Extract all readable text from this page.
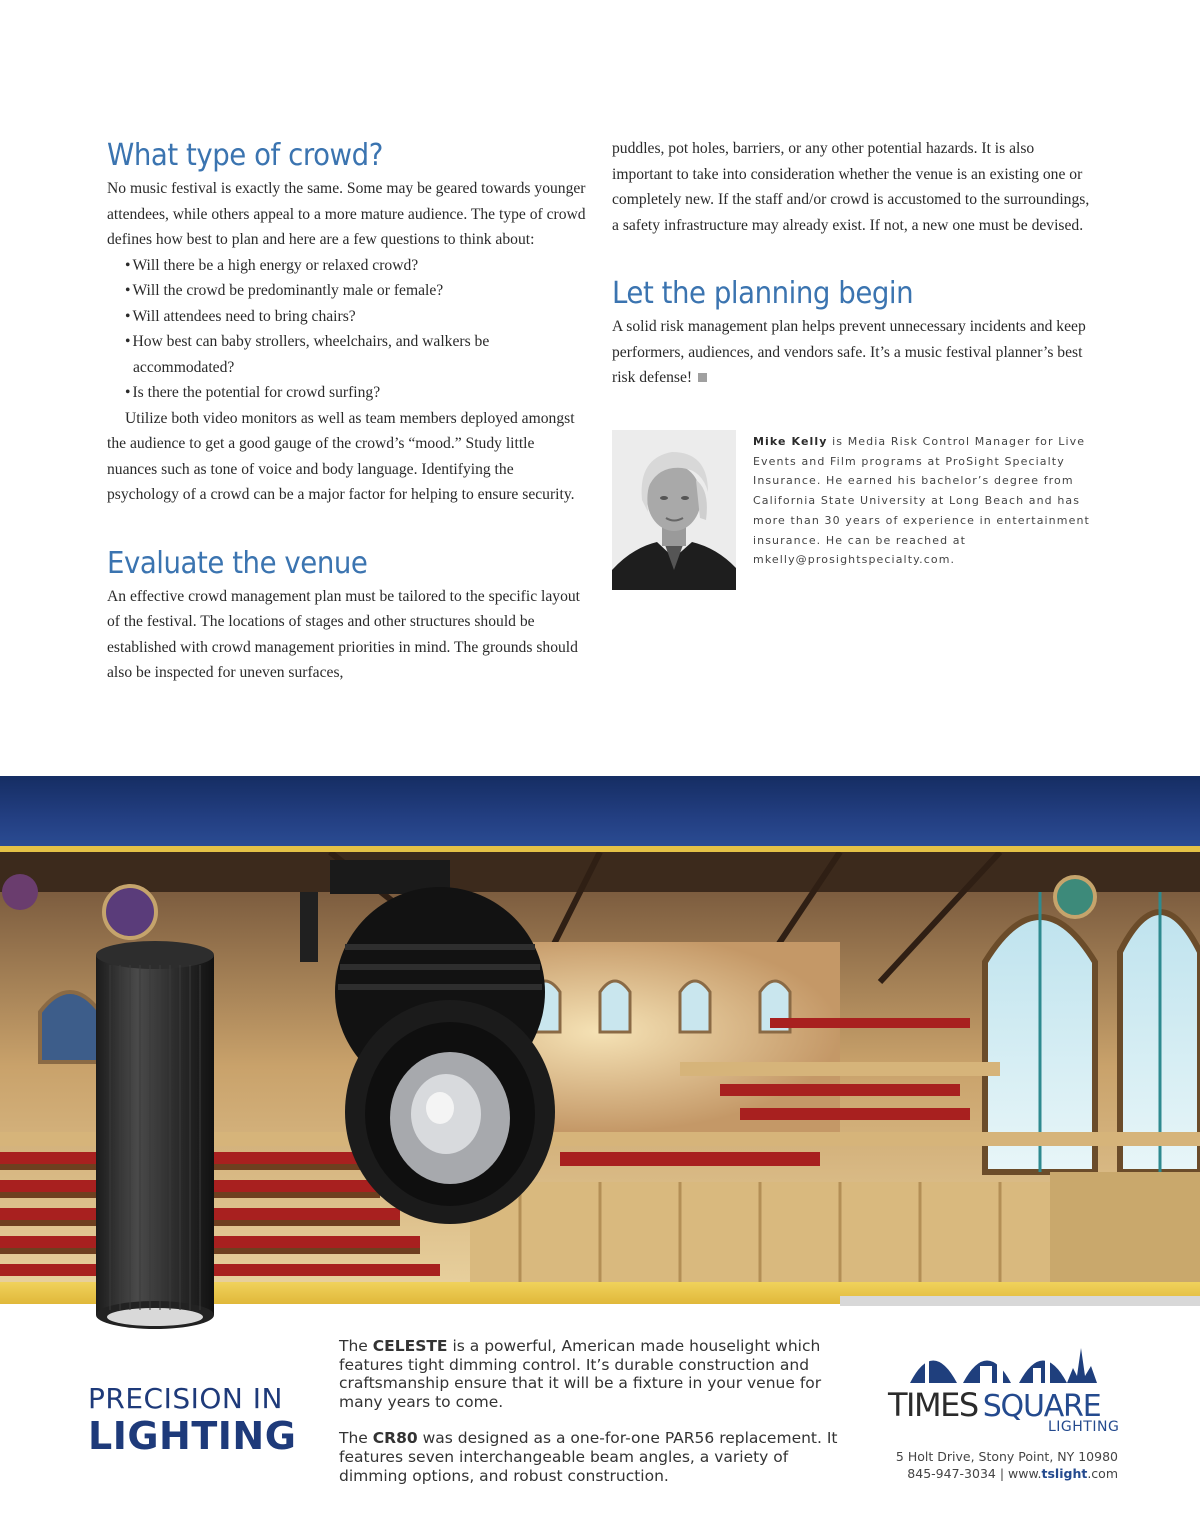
What type of crowd?

No music festival is exactly the same. Some may be geared towards younger attendees, while others appeal to a more mature audience. The type of crowd defines how best to plan and here are a few questions to think about:

• Will there be a high energy or relaxed crowd?
• Will the crowd be predominantly male or female?
• Will attendees need to bring chairs?
• How best can baby strollers, wheelchairs, and walkers be accommodated?
• Is there the potential for crowd surfing?

Utilize both video monitors as well as team members deployed amongst the audience to get a good gauge of the crowd’s “mood.” Study little nuances such as tone of voice and body language. Identifying the psychology of a crowd can be a major factor for helping to ensure security.

Evaluate the venue

An effective crowd management plan must be tailored to the specific layout of the festival. The locations of stages and other structures should be established with crowd management priorities in mind. The grounds should also be inspected for uneven surfaces,

puddles, pot holes, barriers, or any other potential hazards. It is also important to take into consideration whether the venue is an existing one or completely new. If the staff and/or crowd is accustomed to the surroundings, a safety infrastructure may already exist. If not, a new one must be devised.

Let the planning begin

A solid risk management plan helps prevent unnecessary incidents and keep performers, audiences, and vendors safe. It’s a music festival planner’s best risk defense!

Mike Kelly is Media Risk Control Manager for Live Events and Film programs at ProSight Specialty Insurance. He earned his bachelor’s degree from California State University at Long Beach and has more than 30 years of experience in entertainment insurance. He can be reached at mkelly@prosightspecialty.com.
PRECISION IN
LIGHTING

The CELESTE is a powerful, American made houselight which features tight dimming control. It’s durable construction and craftsmanship ensure that it will be a fixture in your venue for many years to come.

The CR80 was designed as a one-for-one PAR56 replacement. It features seven interchangeable beam angles, a variety of dimming options, and robust construction.

TIMES SQUARE
LIGHTING
5 Holt Drive, Stony Point, NY 10980
845-947-3034 | www.tslight.com
